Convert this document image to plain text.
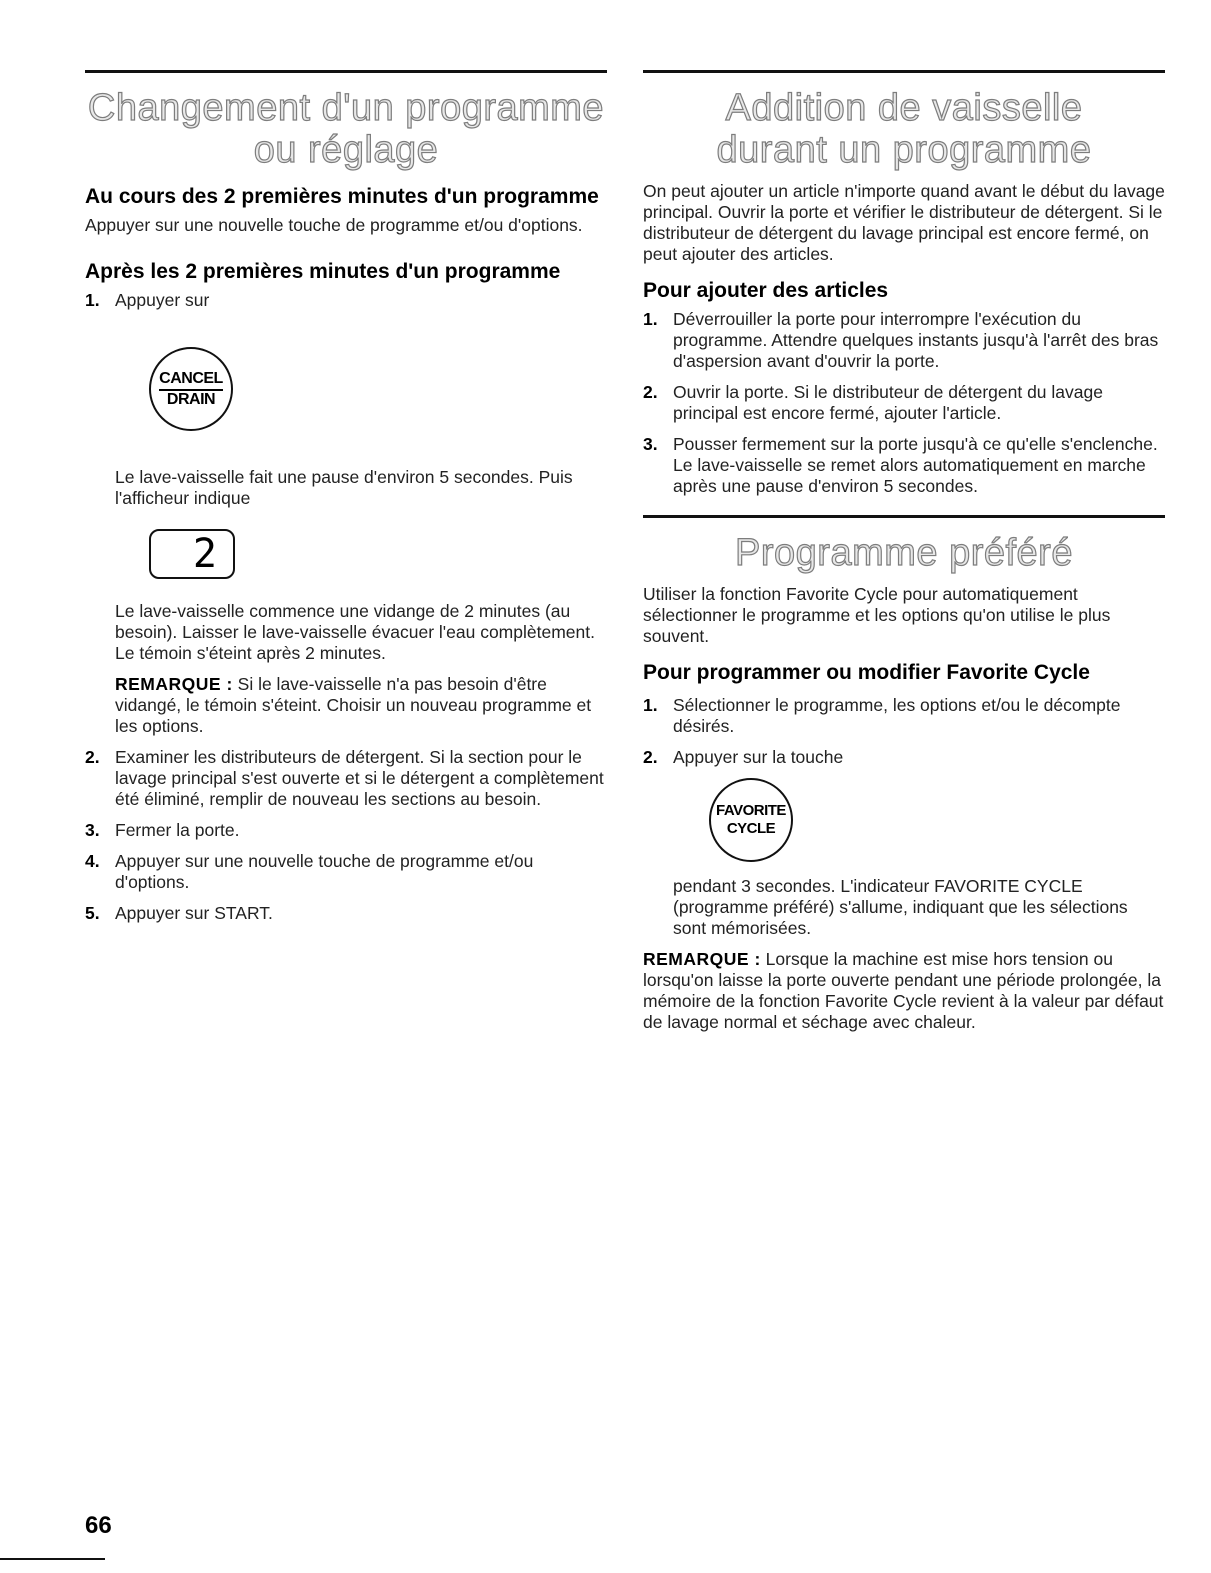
Changement d'un programme
ou réglage
Au cours des 2 premières minutes d'un programme

Appuyer sur une nouvelle touche de programme et/ou d'options.

Après les 2 premières minutes d'un programme
1. Appuyer sur
CANCEL
DRAIN

Le lave-vaisselle fait une pause d'environ 5 secondes. Puis l'afficheur indique

2

Le lave-vaisselle commence une vidange de 2 minutes (au besoin). Laisser le lave-vaisselle évacuer l'eau complètement. Le témoin s'éteint après 2 minutes.

REMARQUE : Si le lave-vaisselle n'a pas besoin d'être vidangé, le témoin s'éteint. Choisir un nouveau programme et les options.

2. Examiner les distributeurs de détergent. Si la section pour le lavage principal s'est ouverte et si le détergent a complètement été éliminé, remplir de nouveau les sections au besoin.
3. Fermer la porte.
4. Appuyer sur une nouvelle touche de programme et/ou d'options.
5. Appuyer sur START.
Addition de vaisselle
durant un programme

On peut ajouter un article n'importe quand avant le début du lavage principal. Ouvrir la porte et vérifier le distributeur de détergent. Si le distributeur de détergent du lavage principal est encore fermé, on peut ajouter des articles.

Pour ajouter des articles
1. Déverrouiller la porte pour interrompre l'exécution du programme. Attendre quelques instants jusqu'à l'arrêt des bras d'aspersion avant d'ouvrir la porte.
2. Ouvrir la porte. Si le distributeur de détergent du lavage principal est encore fermé, ajouter l'article.
3. Pousser fermement sur la porte jusqu'à ce qu'elle s'enclenche. Le lave-vaisselle se remet alors automatiquement en marche après une pause d'environ 5 secondes.
Programme préféré

Utiliser la fonction Favorite Cycle pour automatiquement sélectionner le programme et les options qu'on utilise le plus souvent.

Pour programmer ou modifier Favorite Cycle
1. Sélectionner le programme, les options et/ou le décompte désirés.
2. Appuyer sur la touche
FAVORITE
CYCLE

pendant 3 secondes. L'indicateur FAVORITE CYCLE (programme préféré) s'allume, indiquant que les sélections sont mémorisées.

REMARQUE : Lorsque la machine est mise hors tension ou lorsqu'on laisse la porte ouverte pendant une période prolongée, la mémoire de la fonction Favorite Cycle revient à la valeur par défaut de lavage normal et séchage avec chaleur.

66
